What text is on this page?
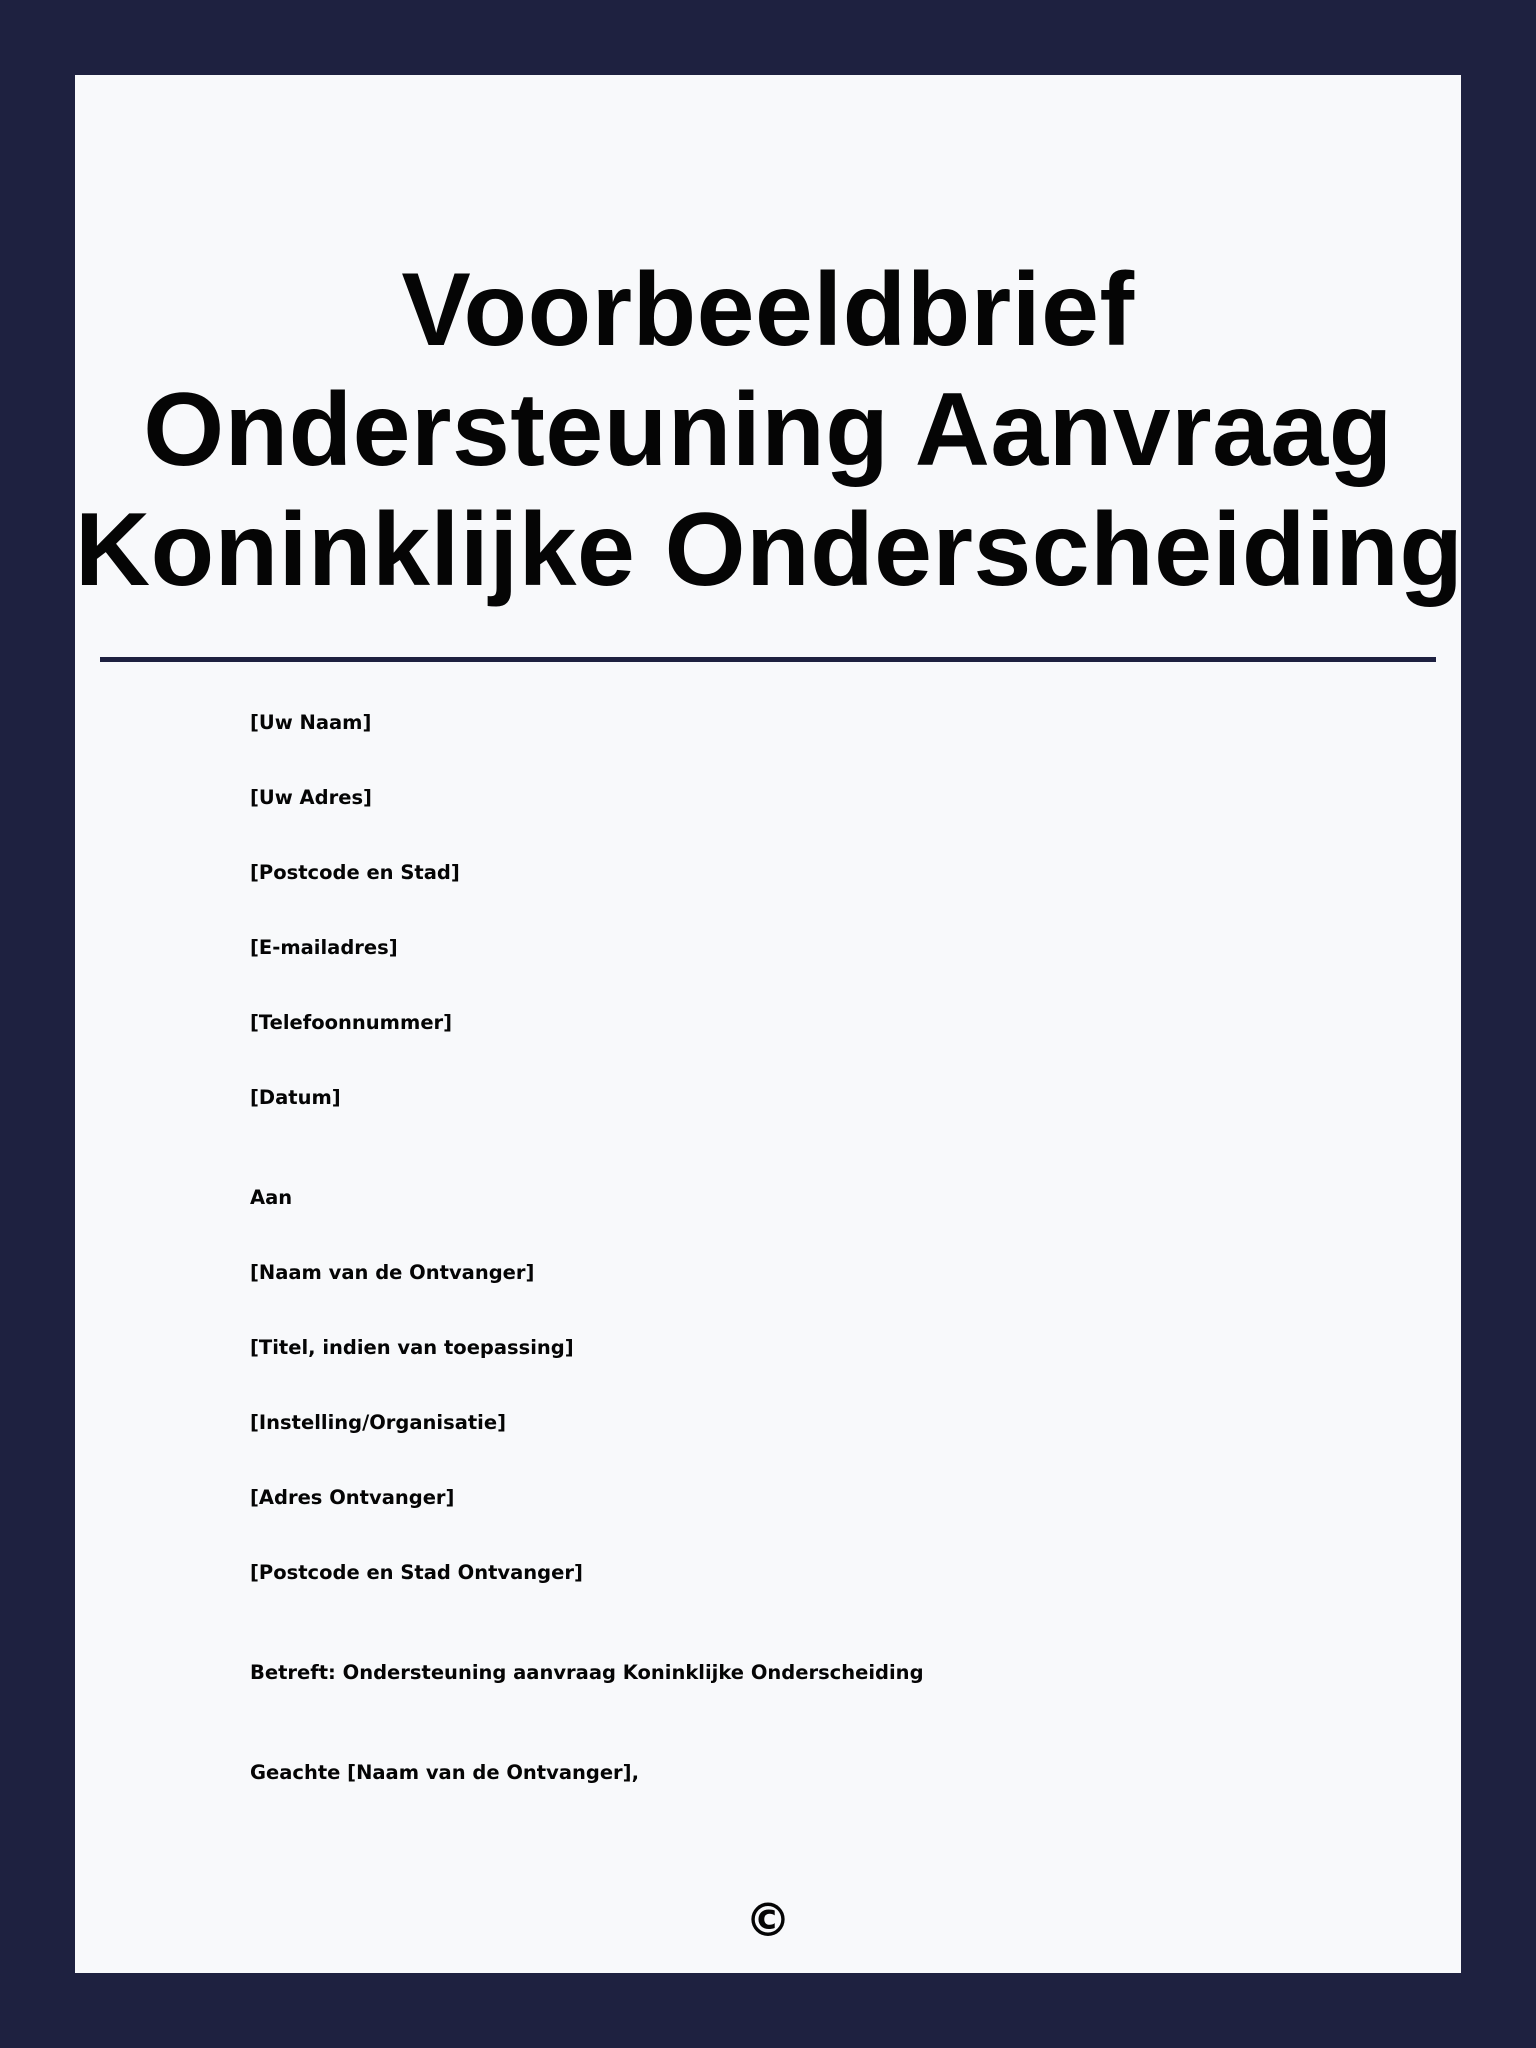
Voorbeeldbrief
Ondersteuning Aanvraag
Koninklijke Onderscheiding

[Uw Naam]

[Uw Adres]

[Postcode en Stad]

[E-mailadres]

[Telefoonnummer]

[Datum]

Aan

[Naam van de Ontvanger]

[Titel, indien van toepassing]

[Instelling/Organisatie]

[Adres Ontvanger]

[Postcode en Stad Ontvanger]

Betreft: Ondersteuning aanvraag Koninklijke Onderscheiding

Geachte [Naam van de Ontvanger],

©
